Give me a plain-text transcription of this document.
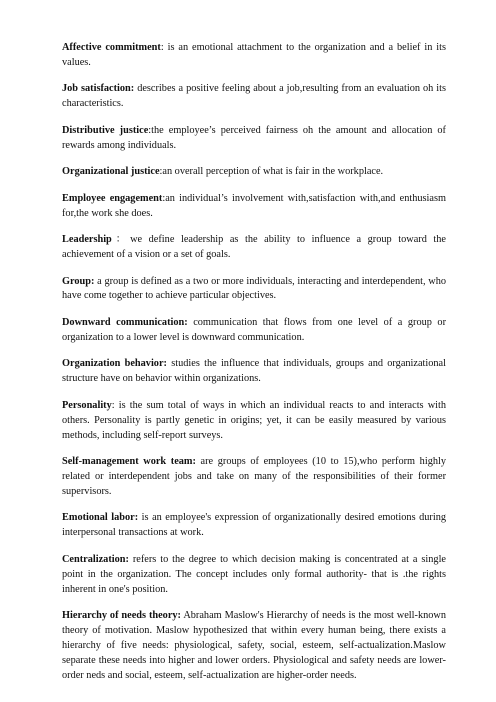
Affective commitment: is an emotional attachment to the organization and a belief in its values.

Job satisfaction: describes a positive feeling about a job,resulting from an evaluation oh its characteristics.

Distributive justice:the employee’s perceived fairness oh the amount and allocation of rewards among individuals.

Organizational justice:an overall perception of what is fair in the workplace.

Employee engagement:an individual’s involvement with,satisfaction with,and enthusiasm for,the work she does.

Leadership：we define leadership as the ability to influence a group toward the achievement of a vision or a set of goals.

Group: a group is defined as a two or more individuals, interacting and interdependent, who have come together to achieve particular objectives.

Downward communication: communication that flows from one level of a group or organization to a lower level is downward communication.

Organization behavior: studies the influence that individuals, groups and organizational structure have on behavior within organizations.

Personality: is the sum total of ways in which an individual reacts to and interacts with others. Personality is partly genetic in origins; yet, it can be easily measured by various methods, including self-report surveys.

Self-management work team: are groups of employees (10 to 15),who perform highly related or interdependent jobs and take on many of the responsibilities of their former supervisors.

Emotional labor: is an employee's expression of organizationally desired emotions during interpersonal transactions at work.

Centralization: refers to the degree to which decision making is concentrated at a single point in the organization. The concept includes only formal authority- that is .the rights inherent in one's position.

Hierarchy of needs theory: Abraham Maslow's Hierarchy of needs is the most well-known theory of motivation. Maslow hypothesized that within every human being, there exists a hierarchy of five needs: physiological, safety, social, esteem, self-actualization.Maslow separate these needs into higher and lower orders. Physiological and safety needs are lower-order neds and social, esteem, self-actualization are higher-order needs.
